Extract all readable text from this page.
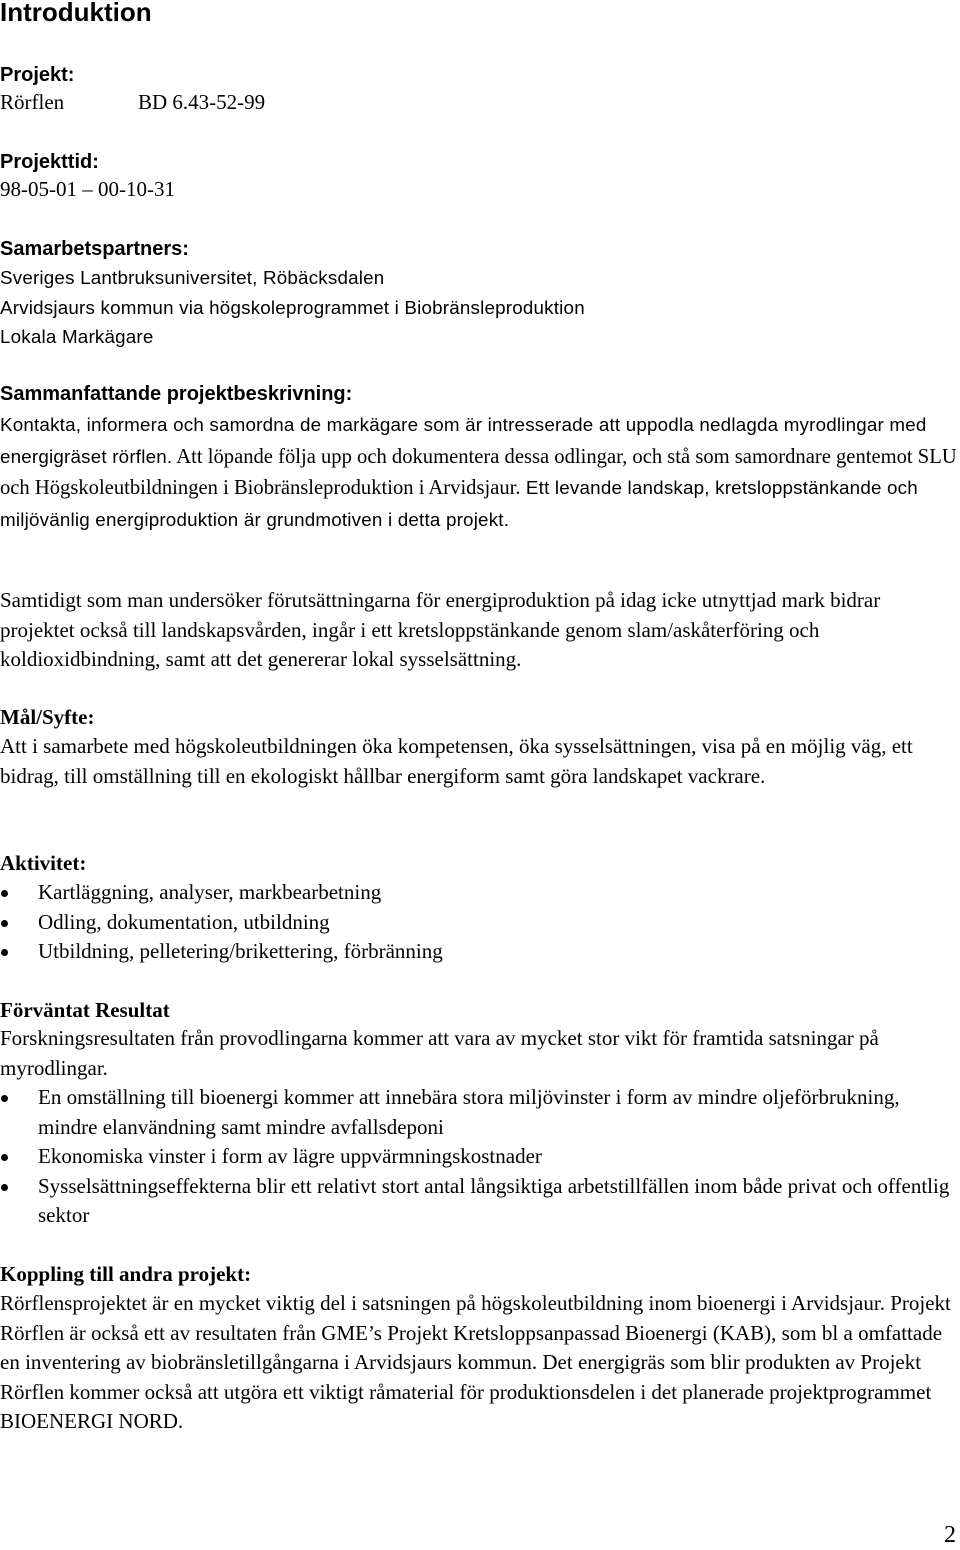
Introduktion
Projekt:
Rörflen	BD 6.43-52-99
Projekttid:
98-05-01 – 00-10-31
Samarbetspartners:
Sveriges Lantbruksuniversitet, Röbäcksdalen
Arvidsjaurs kommun via högskoleprogrammet i Biobränsleproduktion
Lokala Markägare
Sammanfattande projektbeskrivning:

Kontakta, informera och samordna de markägare som är intresserade att uppodla nedlagda myrodlingar med energigräset rörflen. Att löpande följa upp och dokumentera dessa odlingar, och stå som samordnare gentemot SLU och Högskoleutbildningen i Biobränsleproduktion i Arvidsjaur. Ett levande landskap, kretsloppstänkande och miljövänlig energiproduktion är grundmotiven i detta projekt.

Samtidigt som man undersöker förutsättningarna för energiproduktion på idag icke utnyttjad mark bidrar projektet också till landskapsvården, ingår i ett kretsloppstänkande genom slam/askåterföring och koldioxidbindning, samt att det genererar lokal sysselsättning.

Mål/Syfte:

Att i samarbete med högskoleutbildningen öka kompetensen, öka sysselsättningen, visa på en möjlig väg, ett bidrag, till omställning till en ekologiskt hållbar energiform samt göra landskapet vackrare.

Aktivitet:
Kartläggning, analyser, markbearbetning
Odling, dokumentation, utbildning
Utbildning, pelletering/brikettering, förbränning
Förväntat Resultat

Forskningsresultaten från provodlingarna kommer att vara av mycket stor vikt för framtida satsningar på myrodlingar.

En omställning till bioenergi kommer att innebära stora miljövinster i form av mindre oljeförbrukning, mindre elanvändning samt mindre avfallsdeponi
Ekonomiska vinster i form av lägre uppvärmningskostnader
Sysselsättningseffekterna blir ett relativt stort antal långsiktiga arbetstillfällen inom både privat och offentlig sektor
Koppling till andra projekt:

Rörflensprojektet är en mycket viktig del i satsningen på högskoleutbildning inom bioenergi i Arvidsjaur. Projekt Rörflen är också ett av resultaten från GME’s Projekt Kretsloppsanpassad Bioenergi (KAB), som bl a omfattade en inventering av biobränsletillgångarna i Arvidsjaurs kommun. Det energigräs som blir produkten av Projekt Rörflen kommer också att utgöra ett viktigt råmaterial för produktionsdelen i det planerade projektprogrammet BIOENERGI NORD.

2
